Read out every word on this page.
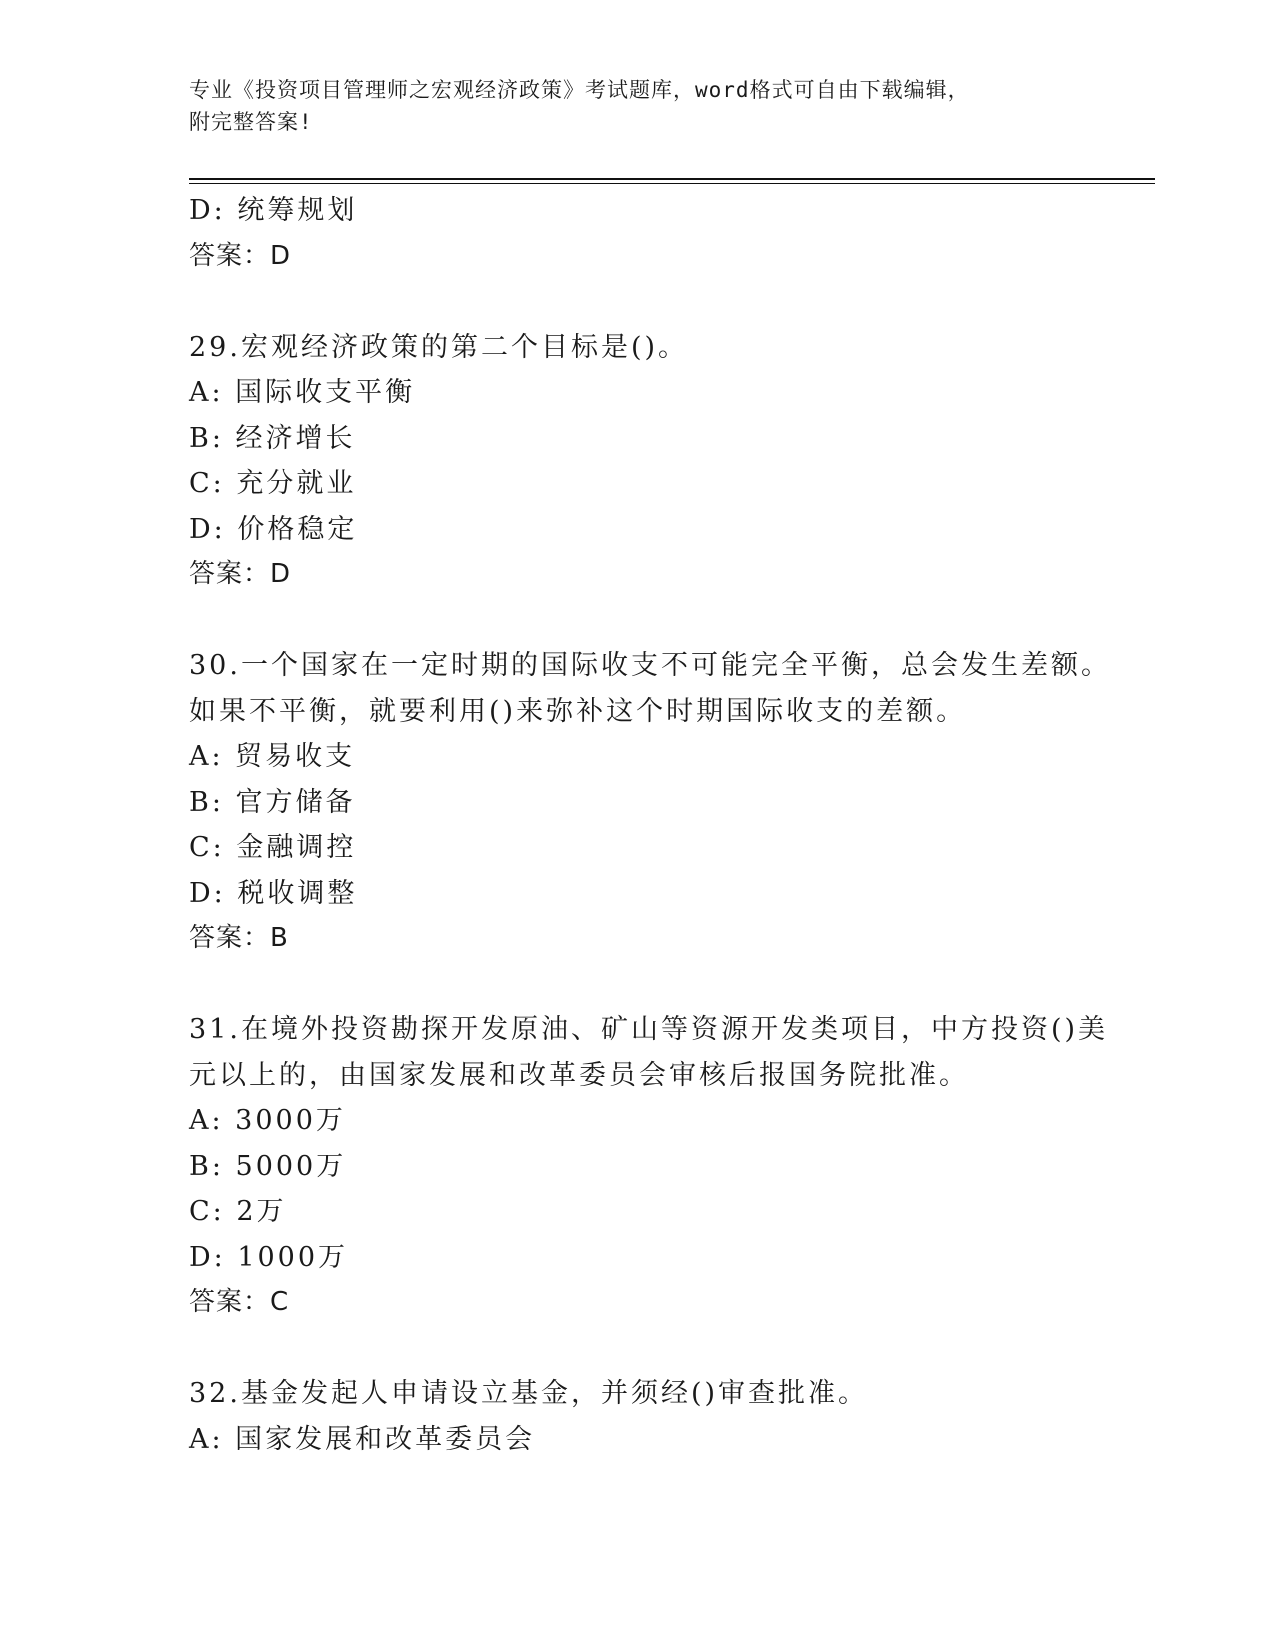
专业《投资项目管理师之宏观经济政策》考试题库，word格式可自由下载编辑，
附完整答案!
D: 统筹规划
答案：D
29.宏观经济政策的第二个目标是()。
A: 国际收支平衡
B: 经济增长
C: 充分就业
D: 价格稳定
答案：D
30.一个国家在一定时期的国际收支不可能完全平衡，总会发生差额。
如果不平衡，就要利用()来弥补这个时期国际收支的差额。
A: 贸易收支
B: 官方储备
C: 金融调控
D: 税收调整
答案：B
31.在境外投资勘探开发原油、矿山等资源开发类项目，中方投资()美
元以上的，由国家发展和改革委员会审核后报国务院批准。
A: 3000万
B: 5000万
C: 2万
D: 1000万
答案：C
32.基金发起人申请设立基金，并须经()审查批准。
A: 国家发展和改革委员会
